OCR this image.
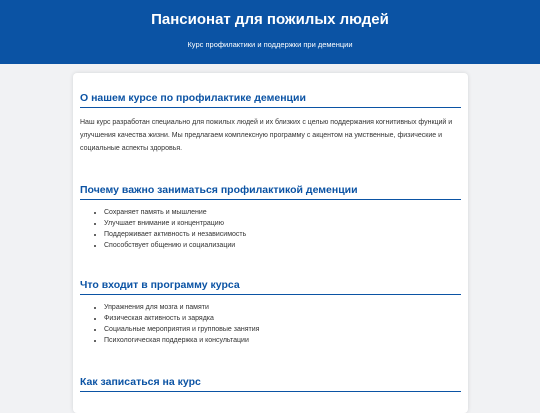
Пансионат для пожилых людей
Курс профилактики и поддержки при деменции
О нашем курсе по профилактике деменции

Наш курс разработан специально для пожилых людей и их близких с целью поддержания когнитивных функций и улучшения качества жизни. Мы предлагаем комплексную программу с акцентом на умственные, физические и социальные аспекты здоровья.

Почему важно заниматься профилактикой деменции
• Сохраняет память и мышление
• Улучшает внимание и концентрацию
• Поддерживает активность и независимость
• Способствует общению и социализации
Что входит в программу курса
• Упражнения для мозга и памяти
• Физическая активность и зарядка
• Социальные мероприятия и групповые занятия
• Психологическая поддержка и консультации
Как записаться на курс
